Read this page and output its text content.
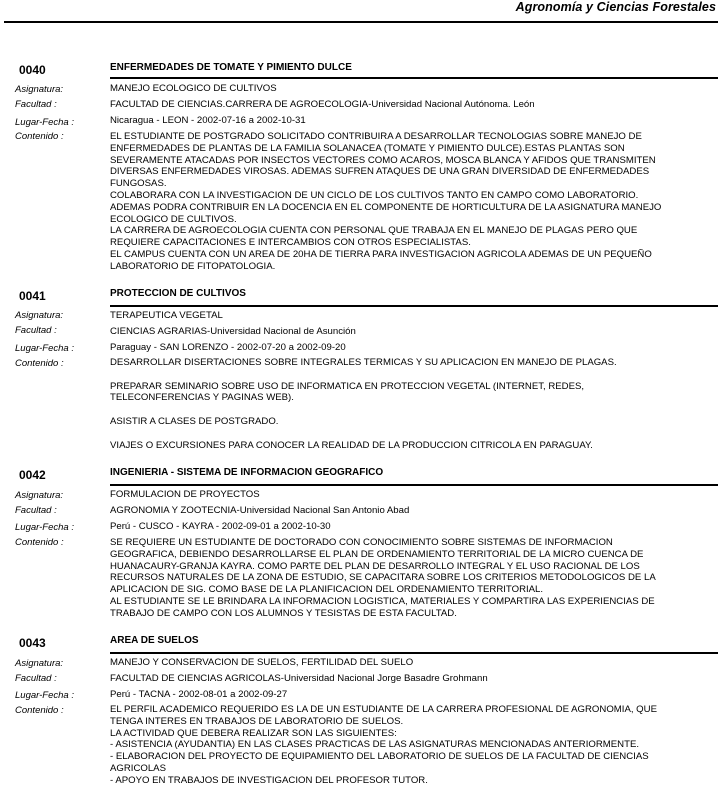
Agronomía y Ciencias Forestales
0040	ENFERMEDADES DE TOMATE Y PIMIENTO DULCE
Asignatura:	MANEJO ECOLOGICO DE CULTIVOS
Facultad :	FACULTAD DE CIENCIAS.CARRERA DE AGROECOLOGIA-Universidad Nacional Autónoma. León
Lugar-Fecha :	Nicaragua - LEON - 2002-07-16 a 2002-10-31
Contenido :	EL ESTUDIANTE DE POSTGRADO SOLICITADO CONTRIBUIRA A DESARROLLAR TECNOLOGIAS SOBRE MANEJO DE
ENFERMEDADES DE PLANTAS DE LA FAMILIA SOLANACEA (TOMATE Y PIMIENTO DULCE).ESTAS PLANTAS SON
SEVERAMENTE ATACADAS POR INSECTOS VECTORES COMO ACAROS, MOSCA BLANCA Y AFIDOS QUE TRANSMITEN
DIVERSAS ENFERMEDADES VIROSAS. ADEMAS SUFREN ATAQUES DE UNA GRAN DIVERSIDAD DE ENFERMEDADES
FUNGOSAS.
COLABORARA CON LA INVESTIGACION DE UN CICLO DE LOS CULTIVOS TANTO EN CAMPO COMO LABORATORIO.
ADEMAS PODRA CONTRIBUIR EN LA DOCENCIA EN EL COMPONENTE DE HORTICULTURA DE LA ASIGNATURA MANEJO
ECOLOGICO DE CULTIVOS.
LA CARRERA DE AGROECOLOGIA CUENTA CON PERSONAL QUE TRABAJA EN EL MANEJO DE PLAGAS PERO QUE
REQUIERE CAPACITACIONES E INTERCAMBIOS CON OTROS ESPECIALISTAS.
EL CAMPUS CUENTA CON UN AREA DE 20HA DE TIERRA PARA INVESTIGACION AGRICOLA ADEMAS DE UN PEQUEÑO
LABORATORIO DE FITOPATOLOGIA.
0041	PROTECCION DE CULTIVOS
Asignatura:	TERAPEUTICA VEGETAL
Facultad :	CIENCIAS AGRARIAS-Universidad Nacional de Asunción
Lugar-Fecha :	Paraguay - SAN LORENZO - 2002-07-20 a 2002-09-20
Contenido :	DESARROLLAR DISERTACIONES SOBRE INTEGRALES TERMICAS Y SU APLICACION EN MANEJO DE PLAGAS.

PREPARAR SEMINARIO SOBRE USO DE INFORMATICA EN PROTECCION VEGETAL (INTERNET, REDES,
TELECONFERENCIAS Y PAGINAS WEB).

ASISTIR A CLASES DE POSTGRADO.

VIAJES O EXCURSIONES PARA CONOCER LA REALIDAD DE LA PRODUCCION CITRICOLA EN PARAGUAY.
0042	INGENIERIA - SISTEMA DE INFORMACION GEOGRAFICO
Asignatura:	FORMULACION DE PROYECTOS
Facultad :	AGRONOMIA Y ZOOTECNIA-Universidad Nacional San Antonio Abad
Lugar-Fecha :	Perú - CUSCO - KAYRA - 2002-09-01 a 2002-10-30
Contenido :	SE REQUIERE UN ESTUDIANTE DE DOCTORADO CON CONOCIMIENTO SOBRE SISTEMAS DE INFORMACION
GEOGRAFICA, DEBIENDO DESARROLLARSE EL PLAN DE ORDENAMIENTO TERRITORIAL DE LA MICRO CUENCA DE
HUANACAURY-GRANJA KAYRA. COMO PARTE DEL PLAN DE DESARROLLO INTEGRAL Y EL USO RACIONAL DE LOS
RECURSOS NATURALES DE LA ZONA DE ESTUDIO, SE CAPACITARA SOBRE LOS CRITERIOS METODOLOGICOS DE LA
APLICACION DE SIG. COMO BASE DE LA PLANIFICACION DEL ORDENAMIENTO TERRITORIAL.
AL ESTUDIANTE SE LE BRINDARA LA INFORMACION LOGISTICA, MATERIALES Y COMPARTIRA LAS EXPERIENCIAS DE
TRABAJO DE CAMPO CON LOS ALUMNOS Y TESISTAS DE ESTA FACULTAD.
0043	AREA DE SUELOS
Asignatura:	MANEJO Y CONSERVACION DE SUELOS, FERTILIDAD DEL SUELO
Facultad :	FACULTAD DE CIENCIAS AGRICOLAS-Universidad Nacional Jorge Basadre Grohmann
Lugar-Fecha :	Perú - TACNA - 2002-08-01 a 2002-09-27
Contenido :	EL PERFIL ACADEMICO REQUERIDO ES LA DE UN ESTUDIANTE DE LA CARRERA PROFESIONAL DE AGRONOMIA, QUE
TENGA INTERES EN TRABAJOS DE LABORATORIO DE SUELOS.
LA ACTIVIDAD QUE DEBERA REALIZAR SON LAS SIGUIENTES:
- ASISTENCIA (AYUDANTIA) EN LAS CLASES PRACTICAS DE LAS ASIGNATURAS MENCIONADAS ANTERIORMENTE.
- ELABORACION DEL PROYECTO DE EQUIPAMIENTO DEL LABORATORIO DE SUELOS DE LA FACULTAD DE CIENCIAS
AGRICOLAS
- APOYO EN TRABAJOS DE INVESTIGACION DEL PROFESOR TUTOR.
